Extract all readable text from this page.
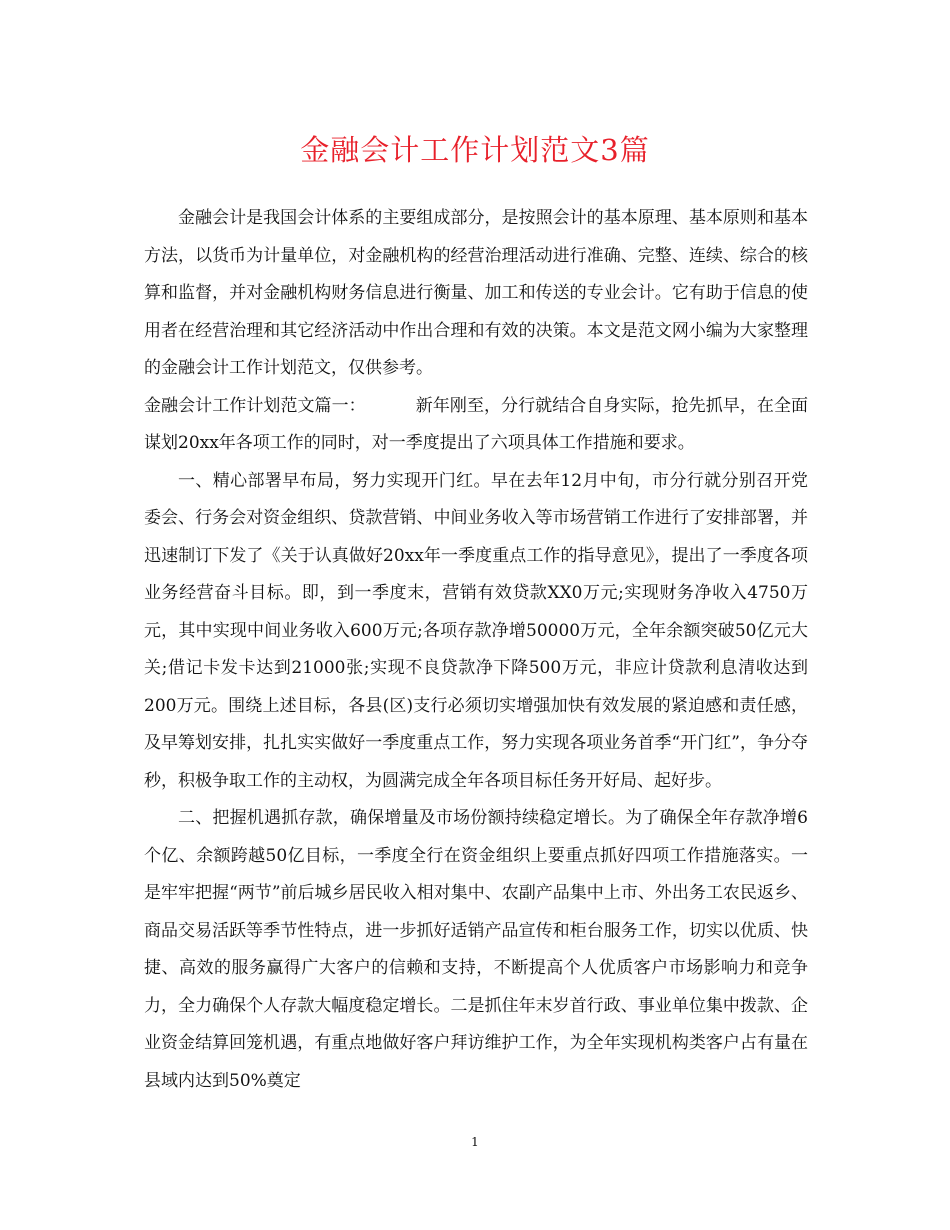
金融会计工作计划范文3篇

金融会计是我国会计体系的主要组成部分，是按照会计的基本原理、基本原则和基本方法，以货币为计量单位，对金融机构的经营治理活动进行准确、完整、连续、综合的核算和监督，并对金融机构财务信息进行衡量、加工和传送的专业会计。它有助于信息的使用者在经营治理和其它经济活动中作出合理和有效的决策。本文是范文网小编为大家整理的金融会计工作计划范文，仅供参考。

金融会计工作计划范文篇一：	新年刚至，分行就结合自身实际，抢先抓早，在全面谋划20xx年各项工作的同时，对一季度提出了六项具体工作措施和要求。

一、精心部署早布局，努力实现开门红。早在去年12月中旬，市分行就分别召开党委会、行务会对资金组织、贷款营销、中间业务收入等市场营销工作进行了安排部署，并迅速制订下发了《关于认真做好20xx年一季度重点工作的指导意见》，提出了一季度各项业务经营奋斗目标。即，到一季度末，营销有效贷款XX0万元;实现财务净收入4750万元，其中实现中间业务收入600万元;各项存款净增50000万元，全年余额突破50亿元大关;借记卡发卡达到21000张;实现不良贷款净下降500万元，非应计贷款利息清收达到200万元。围绕上述目标，各县(区)支行必须切实增强加快有效发展的紧迫感和责任感，及早筹划安排，扎扎实实做好一季度重点工作，努力实现各项业务首季“开门红”，争分夺秒，积极争取工作的主动权，为圆满完成全年各项目标任务开好局、起好步。

二、把握机遇抓存款，确保增量及市场份额持续稳定增长。为了确保全年存款净增6个亿、余额跨越50亿目标，一季度全行在资金组织上要重点抓好四项工作措施落实。一是牢牢把握“两节”前后城乡居民收入相对集中、农副产品集中上市、外出务工农民返乡、商品交易活跃等季节性特点，进一步抓好适销产品宣传和柜台服务工作，切实以优质、快捷、高效的服务赢得广大客户的信赖和支持，不断提高个人优质客户市场影响力和竞争力，全力确保个人存款大幅度稳定增长。二是抓住年末岁首行政、事业单位集中拨款、企业资金结算回笼机遇，有重点地做好客户拜访维护工作，为全年实现机构类客户占有量在县域内达到50%奠定

1
